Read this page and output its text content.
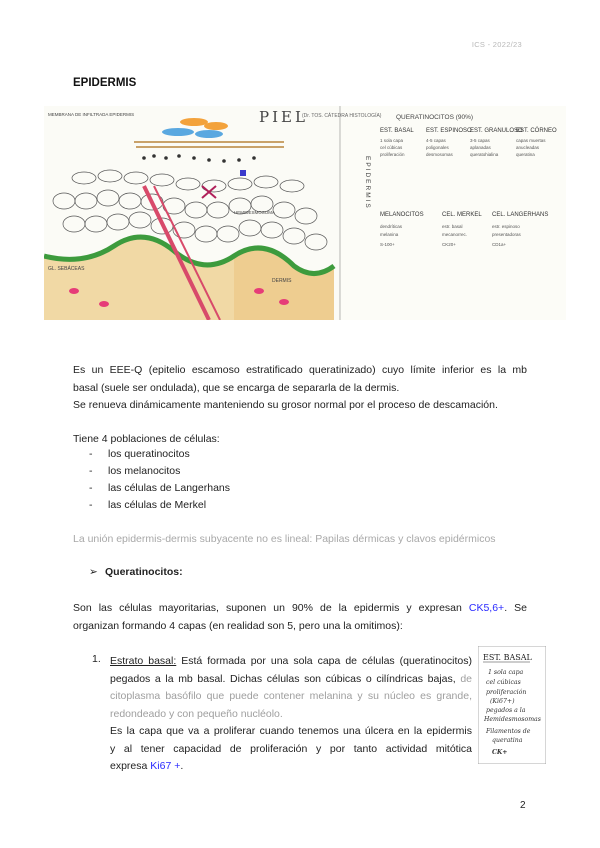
ICS - 2022/23
EPIDERMIS
PIEL
(Dr. TOS. CÁTEDRA HISTOLOGÍA) QUERATINOCITOS (90%)
EST. BASAL EST. ESPINOSO
EST. GRANULOSO
EST. CÓRNEO
1 sola capa
cel cúbicas
proliferación
4-5 capas
poligonales
desmosomas
3-5 capas
aplanadas
queratohialina
capas muertas
anucleadas
queratina
MELANOCITOS	CEL. MERKEL CEL. LANGERHANS
dendríticas
melanina
S-100+
estr. basal
mecanorrec.
CK20+
estr. espinoso
presentadoras
CD1a+
EPIDERMIS
MEMBRANA DE INFILTRADA EPIDERMIS
DERMIS
HEMIDESMOSOMA
GL. SEBÁCEAS
Es un EEE-Q (epitelio escamoso estratificado queratinizado) cuyo límite inferior es la mb
basal (suele ser ondulada), que se encarga de separarla de la dermis.
Se renueva dinámicamente manteniendo su grosor normal por el proceso de descamación.
Tiene 4 poblaciones de células:
- los queratinocitos
- los melanocitos
- las células de Langerhans
- las células de Merkel
La unión epidermis-dermis subyacente no es lineal: Papilas dérmicas y clavos epidérmicos
➢ Queratinocitos:
Son las células mayoritarias, suponen un 90% de la epidermis y expresan CK5,6+. Se
organizan formando 4 capas (en realidad son 5, pero una la omitimos):
1. Estrato basal: Está formada por una sola capa de células (queratinocitos)
pegados a la mb basal. Dichas células son cúbicas o cilíndricas bajas, de
citoplasma basófilo que puede contener melanina y su núcleo es grande,
redondeado y con pequeño nucléolo.
Es la capa que va a proliferar cuando tenemos una úlcera en la epidermis
y al tener capacidad de proliferación y por tanto actividad mitótica
expresa Ki67 +.
EST. BASAL
1 sola capa
cel cúbicas
proliferación
(Ki67+)
pegados a la
Hemidesmosomas
Filamentos de
queratina
CK+
2
